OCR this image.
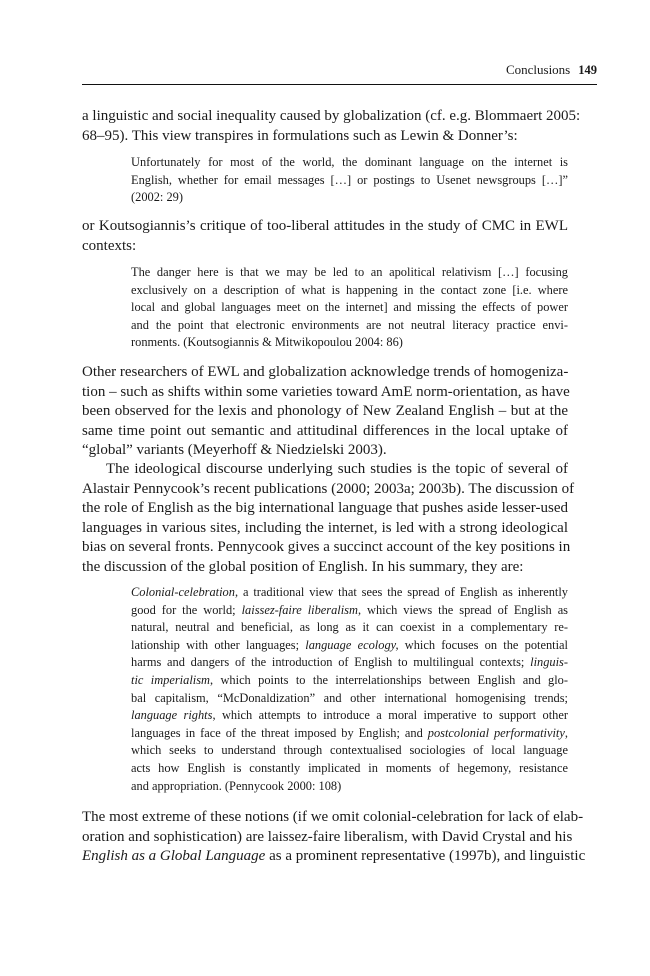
Conclusions 149
a linguistic and social inequality caused by globalization (cf. e.g. Blommaert 2005:
68–95). This view transpires in formulations such as Lewin & Donner’s:
Unfortunately for most of the world, the dominant language on the internet is
English, whether for email messages […] or postings to Usenet newsgroups […]”
(2002: 29)
or Koutsogiannis’s critique of too-liberal attitudes in the study of CMC in EWL
contexts:
The danger here is that we may be led to an apolitical relativism […] focusing
exclusively on a description of what is happening in the contact zone [i.e. where
local and global languages meet on the internet] and missing the effects of power
and the point that electronic environments are not neutral literacy practice envi-
ronments. (Koutsogiannis & Mitwikopoulou 2004: 86)
Other researchers of EWL and globalization acknowledge trends of homogeniza-
tion – such as shifts within some varieties toward AmE norm-orientation, as have
been observed for the lexis and phonology of New Zealand English – but at the
same time point out semantic and attitudinal differences in the local uptake of
“global” variants (Meyerhoff & Niedzielski 2003).
The ideological discourse underlying such studies is the topic of several of
Alastair Pennycook’s recent publications (2000; 2003a; 2003b). The discussion of
the role of English as the big international language that pushes aside lesser-used
languages in various sites, including the internet, is led with a strong ideological
bias on several fronts. Pennycook gives a succinct account of the key positions in
the discussion of the global position of English. In his summary, they are:
Colonial-celebration, a traditional view that sees the spread of English as inherently
good for the world; laissez-faire liberalism, which views the spread of English as
natural, neutral and beneficial, as long as it can coexist in a complementary re-
lationship with other languages; language ecology, which focuses on the potential
harms and dangers of the introduction of English to multilingual contexts; linguis-
tic imperialism, which points to the interrelationships between English and glo-
bal capitalism, “McDonaldization” and other international homogenising trends;
language rights, which attempts to introduce a moral imperative to support other
languages in face of the threat imposed by English; and postcolonial performativity,
which seeks to understand through contextualised sociologies of local language
acts how English is constantly implicated in moments of hegemony, resistance
and appropriation. (Pennycook 2000: 108)
The most extreme of these notions (if we omit colonial-celebration for lack of elab-
oration and sophistication) are laissez-faire liberalism, with David Crystal and his
English as a Global Language as a prominent representative (1997b), and linguistic
